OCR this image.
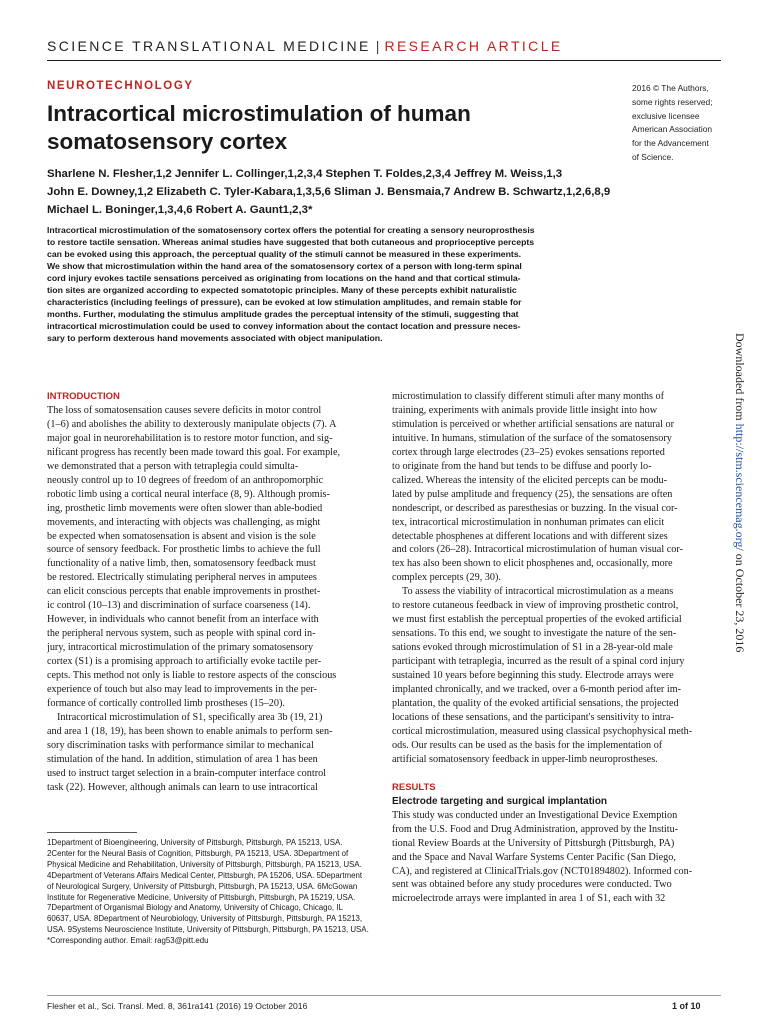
SCIENCE TRANSLATIONAL MEDICINE | RESEARCH ARTICLE
NEUROTECHNOLOGY
Intracortical microstimulation of human
somatosensory cortex
2016 © The Authors,
some rights reserved;
exclusive licensee
American Association
for the Advancement
of Science.
Sharlene N. Flesher,1,2 Jennifer L. Collinger,1,2,3,4 Stephen T. Foldes,2,3,4 Jeffrey M. Weiss,1,3
John E. Downey,1,2 Elizabeth C. Tyler-Kabara,1,3,5,6 Sliman J. Bensmaia,7 Andrew B. Schwartz,1,2,6,8,9
Michael L. Boninger,1,3,4,6 Robert A. Gaunt1,2,3*
Intracortical microstimulation of the somatosensory cortex offers the potential for creating a sensory neuroprosthesis
to restore tactile sensation. Whereas animal studies have suggested that both cutaneous and proprioceptive percepts
can be evoked using this approach, the perceptual quality of the stimuli cannot be measured in these experiments.
We show that microstimulation within the hand area of the somatosensory cortex of a person with long-term spinal
cord injury evokes tactile sensations perceived as originating from locations on the hand and that cortical stimula-
tion sites are organized according to expected somatotopic principles. Many of these percepts exhibit naturalistic
characteristics (including feelings of pressure), can be evoked at low stimulation amplitudes, and remain stable for
months. Further, modulating the stimulus amplitude grades the perceptual intensity of the stimuli, suggesting that
intracortical microstimulation could be used to convey information about the contact location and pressure neces-
sary to perform dexterous hand movements associated with object manipulation.
INTRODUCTION
The loss of somatosensation causes severe deficits in motor control
(1–6) and abolishes the ability to dexterously manipulate objects (7). A
major goal in neurorehabilitation is to restore motor function, and sig-
nificant progress has recently been made toward this goal. For example,
we demonstrated that a person with tetraplegia could simulta-
neously control up to 10 degrees of freedom of an anthropomorphic
robotic limb using a cortical neural interface (8, 9). Although promis-
ing, prosthetic limb movements were often slower than able-bodied
movements, and interacting with objects was challenging, as might
be expected when somatosensation is absent and vision is the sole
source of sensory feedback. For prosthetic limbs to achieve the full
functionality of a native limb, then, somatosensory feedback must
be restored. Electrically stimulating peripheral nerves in amputees
can elicit conscious percepts that enable improvements in prosthet-
ic control (10–13) and discrimination of surface coarseness (14).
However, in individuals who cannot benefit from an interface with
the peripheral nervous system, such as people with spinal cord in-
jury, intracortical microstimulation of the primary somatosensory
cortex (S1) is a promising approach to artificially evoke tactile per-
cepts. This method not only is liable to restore aspects of the conscious
experience of touch but also may lead to improvements in the per-
formance of cortically controlled limb prostheses (15–20).
Intracortical microstimulation of S1, specifically area 3b (19, 21)
and area 1 (18, 19), has been shown to enable animals to perform sen-
sory discrimination tasks with performance similar to mechanical
stimulation of the hand. In addition, stimulation of area 1 has been
used to instruct target selection in a brain-computer interface control
task (22). However, although animals can learn to use intracortical
microstimulation to classify different stimuli after many months of
training, experiments with animals provide little insight into how
stimulation is perceived or whether artificial sensations are natural or
intuitive. In humans, stimulation of the surface of the somatosensory
cortex through large electrodes (23–25) evokes sensations reported
to originate from the hand but tends to be diffuse and poorly lo-
calized. Whereas the intensity of the elicited percepts can be modu-
lated by pulse amplitude and frequency (25), the sensations are often
nondescript, or described as paresthesias or buzzing. In the visual cor-
tex, intracortical microstimulation in nonhuman primates can elicit
detectable phosphenes at different locations and with different sizes
and colors (26–28). Intracortical microstimulation of human visual cor-
tex has also been shown to elicit phosphenes and, occasionally, more
complex percepts (29, 30).
To assess the viability of intracortical microstimulation as a means
to restore cutaneous feedback in view of improving prosthetic control,
we must first establish the perceptual properties of the evoked artificial
sensations. To this end, we sought to investigate the nature of the sen-
sations evoked through microstimulation of S1 in a 28-year-old male
participant with tetraplegia, incurred as the result of a spinal cord injury
sustained 10 years before beginning this study. Electrode arrays were
implanted chronically, and we tracked, over a 6-month period after im-
plantation, the quality of the evoked artificial sensations, the projected
locations of these sensations, and the participant's sensitivity to intra-
cortical microstimulation, measured using classical psychophysical meth-
ods. Our results can be used as the basis for the implementation of
artificial somatosensory feedback in upper-limb neuroprostheses.
RESULTS
Electrode targeting and surgical implantation
This study was conducted under an Investigational Device Exemption
from the U.S. Food and Drug Administration, approved by the Institu-
tional Review Boards at the University of Pittsburgh (Pittsburgh, PA)
and the Space and Naval Warfare Systems Center Pacific (San Diego,
CA), and registered at ClinicalTrials.gov (NCT01894802). Informed con-
sent was obtained before any study procedures were conducted. Two
microelectrode arrays were implanted in area 1 of S1, each with 32
1Department of Bioengineering, University of Pittsburgh, Pittsburgh, PA 15213, USA.
2Center for the Neural Basis of Cognition, Pittsburgh, PA 15213, USA. 3Department of
Physical Medicine and Rehabilitation, University of Pittsburgh, Pittsburgh, PA 15213, USA.
4Department of Veterans Affairs Medical Center, Pittsburgh, PA 15206, USA. 5Department
of Neurological Surgery, University of Pittsburgh, Pittsburgh, PA 15213, USA. 6McGowan
Institute for Regenerative Medicine, University of Pittsburgh, Pittsburgh, PA 15219, USA.
7Department of Organismal Biology and Anatomy, University of Chicago, Chicago, IL
60637, USA. 8Department of Neurobiology, University of Pittsburgh, Pittsburgh, PA 15213,
USA. 9Systems Neuroscience Institute, University of Pittsburgh, Pittsburgh, PA 15213, USA.
*Corresponding author. Email: rag53@pitt.edu
Flesher et al., Sci. Transl. Med. 8, 361ra141 (2016) 19 October 2016	1 of 10
Downloaded from http://stm.sciencemag.org/ on October 23, 2016
